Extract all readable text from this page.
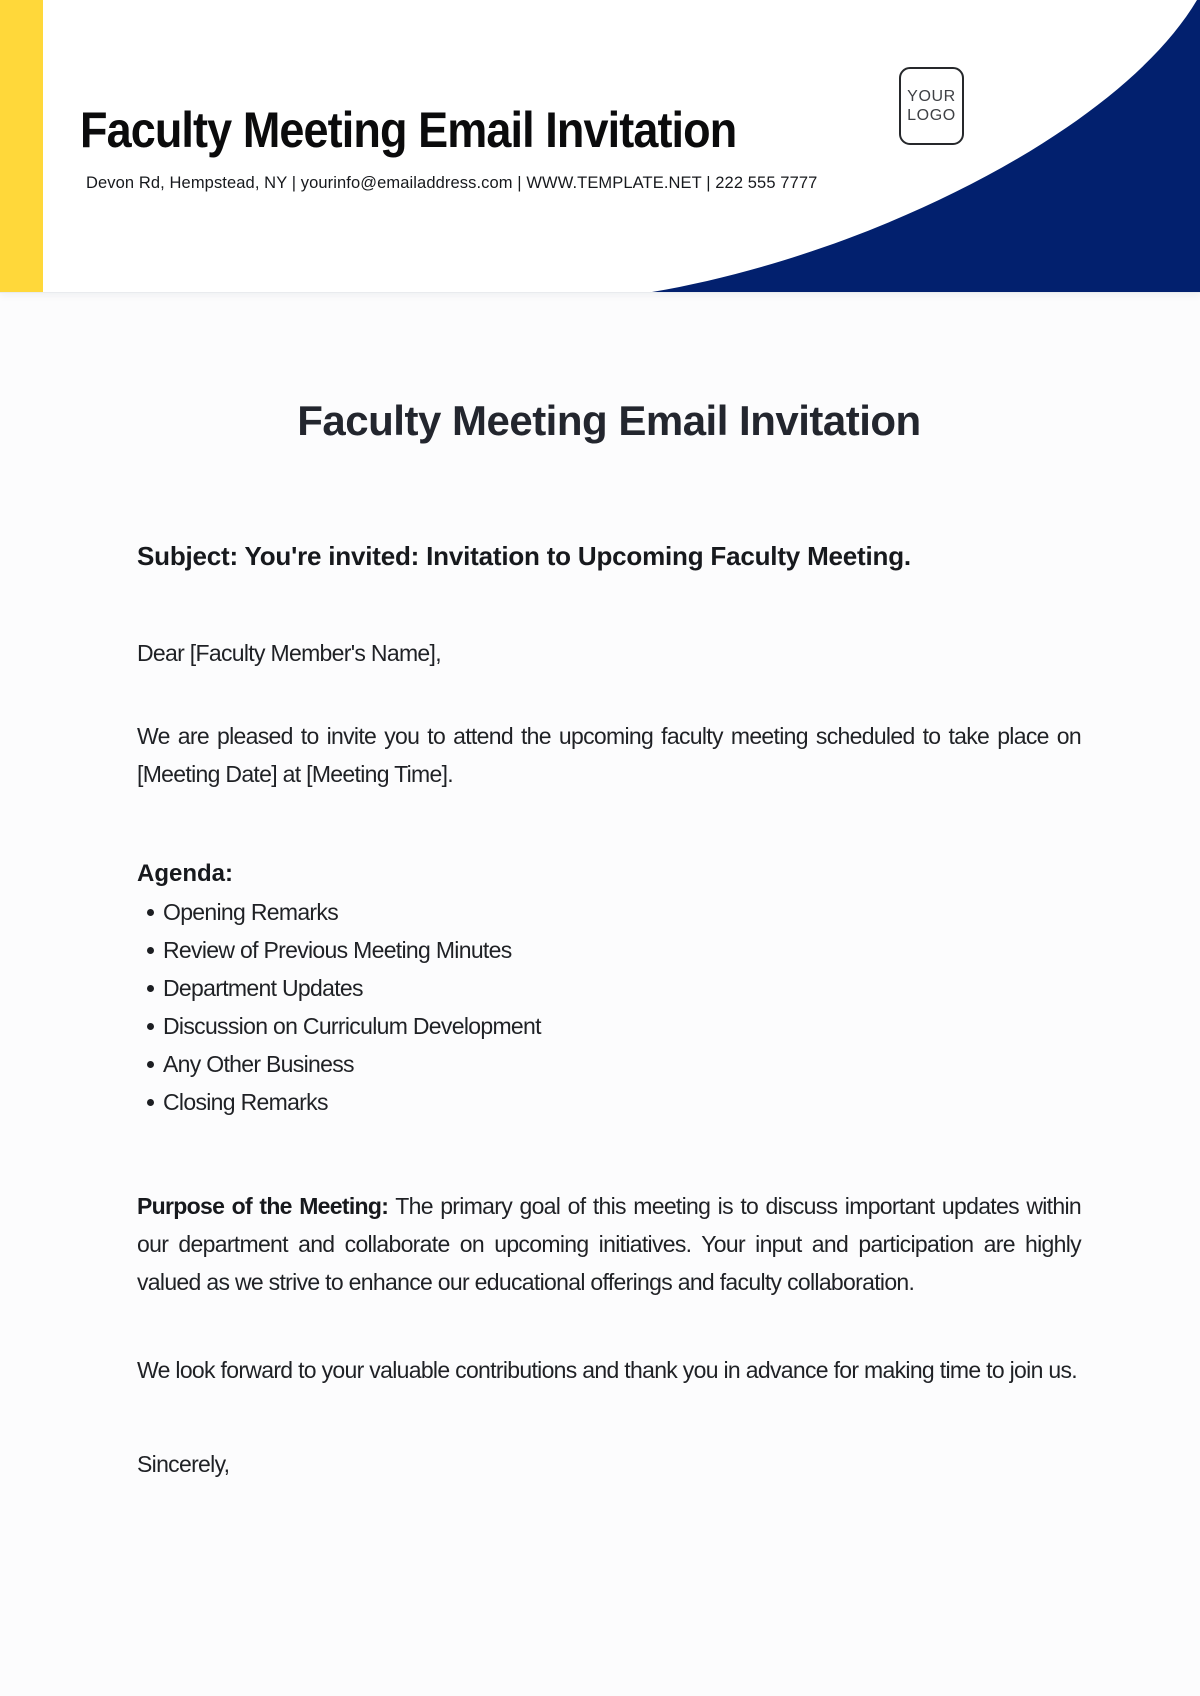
Faculty Meeting Email Invitation

Devon Rd, Hempstead, NY | yourinfo@emailaddress.com | WWW.TEMPLATE.NET | 222 555 7777

YOUR
LOGO
Faculty Meeting Email Invitation

Subject: You're invited: Invitation to Upcoming Faculty Meeting.

Dear [Faculty Member's Name],

We are pleased to invite you to attend the upcoming faculty meeting scheduled to take place on [Meeting Date] at [Meeting Time].

Agenda:

Opening Remarks
Review of Previous Meeting Minutes
Department Updates
Discussion on Curriculum Development
Any Other Business
Closing Remarks

Purpose of the Meeting: The primary goal of this meeting is to discuss important updates within our department and collaborate on upcoming initiatives. Your input and participation are highly valued as we strive to enhance our educational offerings and faculty collaboration.

We look forward to your valuable contributions and thank you in advance for making time to join us.

Sincerely,
